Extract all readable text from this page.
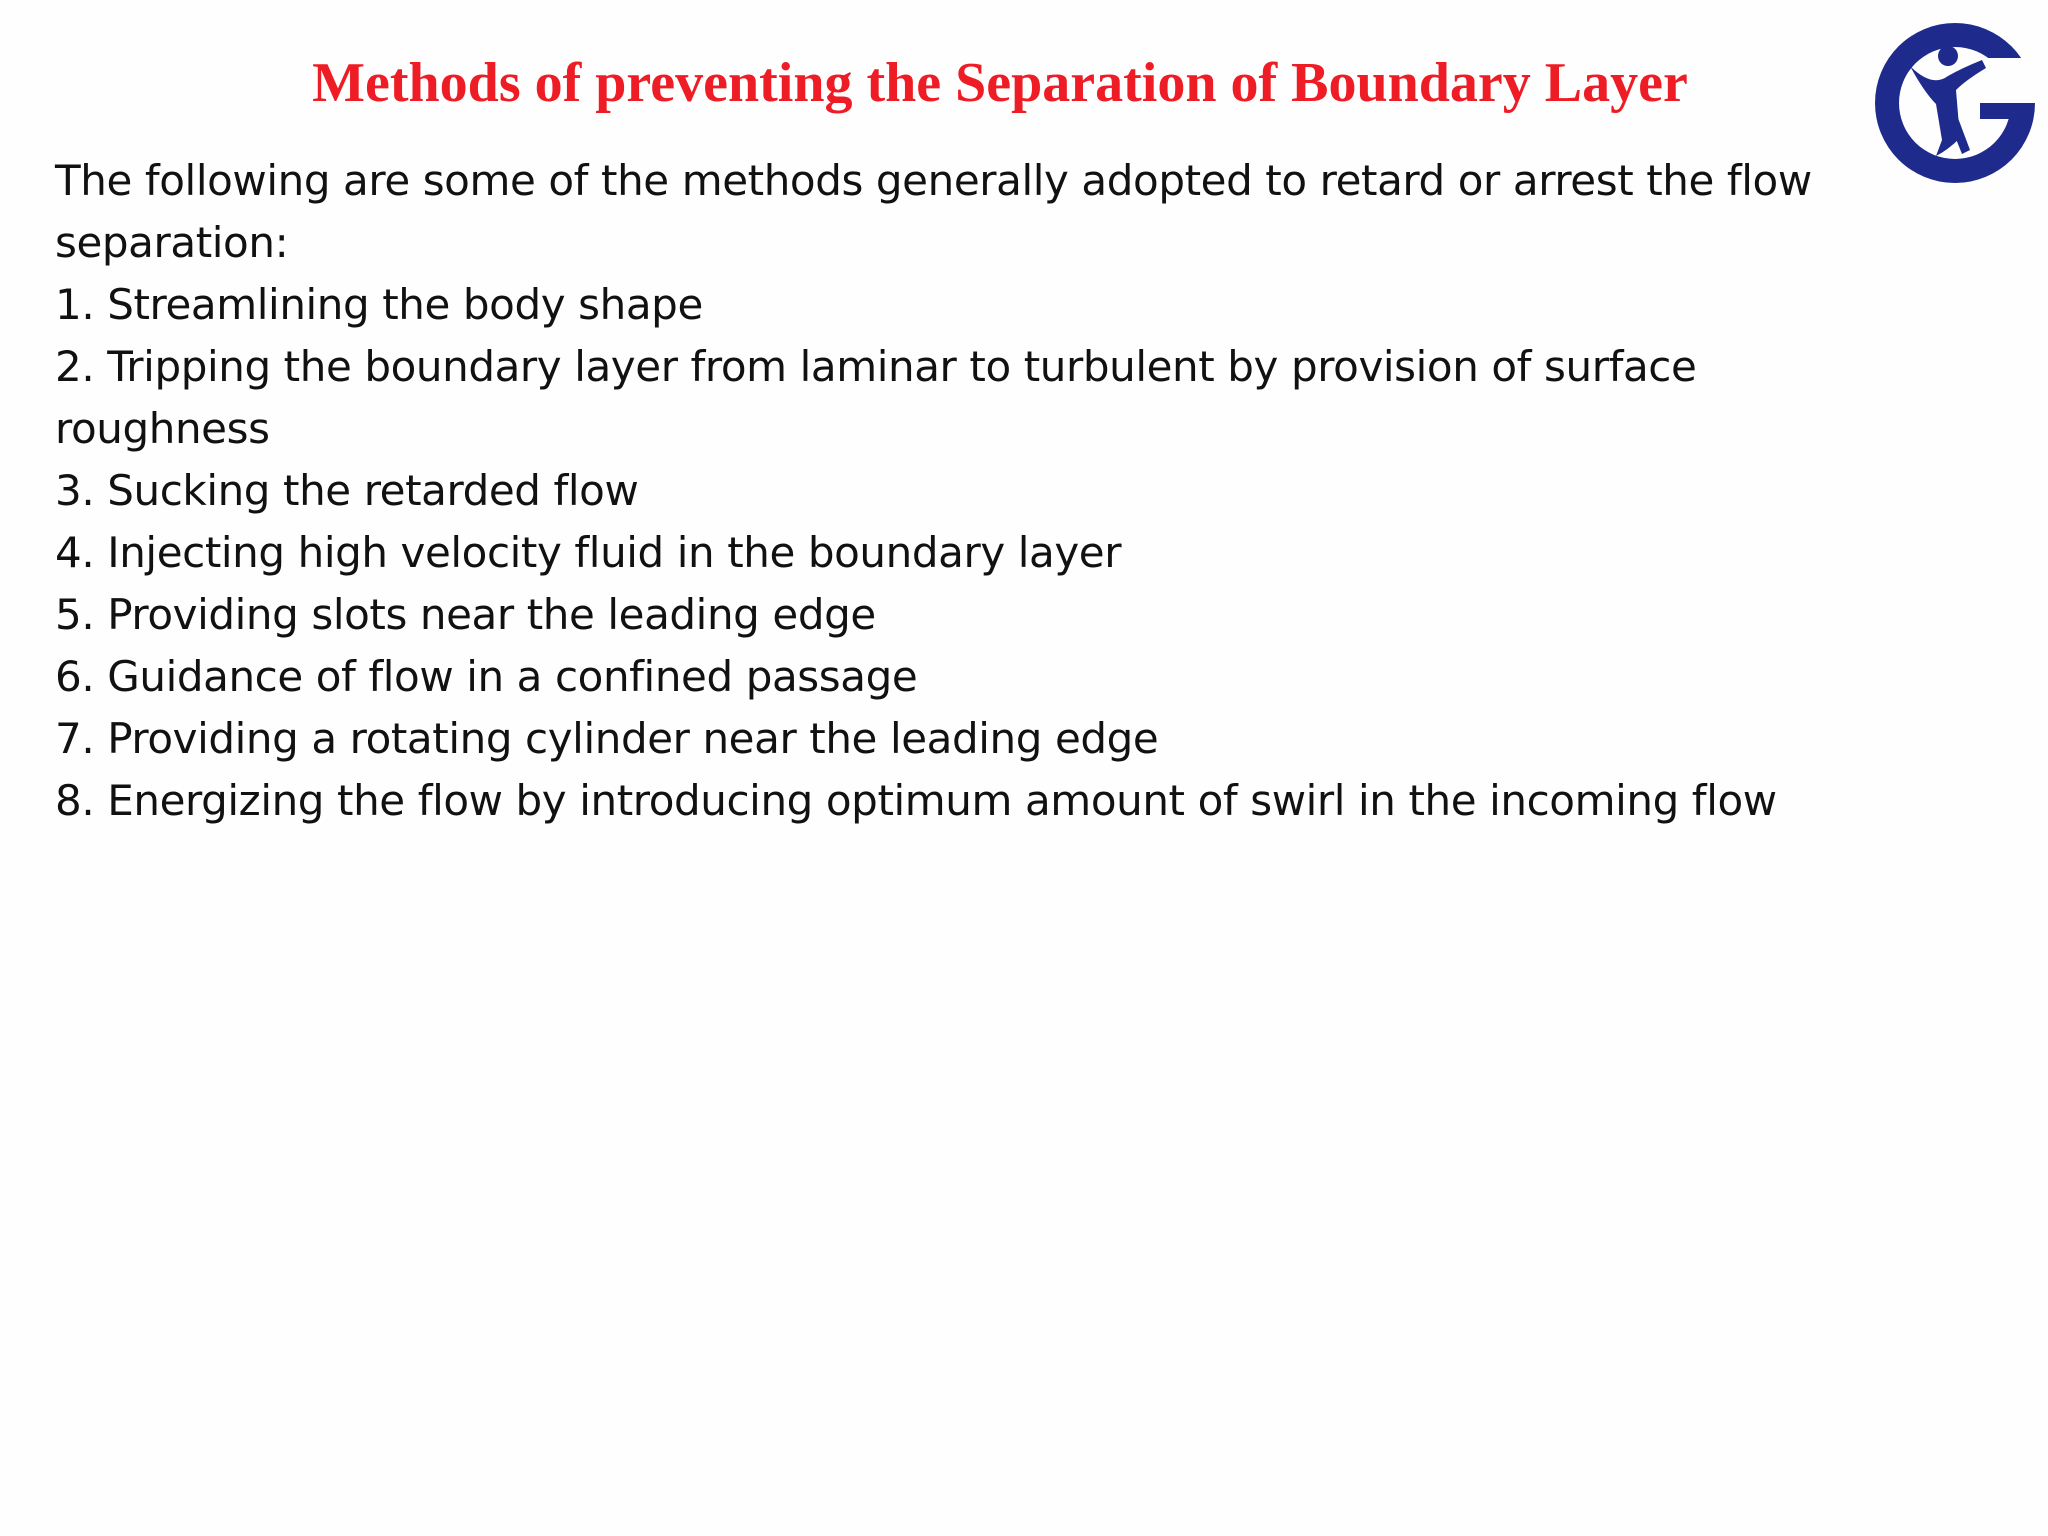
Methods of preventing the Separation of Boundary Layer

The following are some of the methods generally adopted to retard or arrest the flow separation:

1. Streamlining the body shape

2. Tripping the boundary layer from laminar to turbulent by provision of surface roughness

3. Sucking the retarded flow

4. Injecting high velocity fluid in the boundary layer

5. Providing slots near the leading edge

6. Guidance of flow in a confined passage

7. Providing a rotating cylinder near the leading edge

8. Energizing the flow by introducing optimum amount of swirl in the incoming flow
